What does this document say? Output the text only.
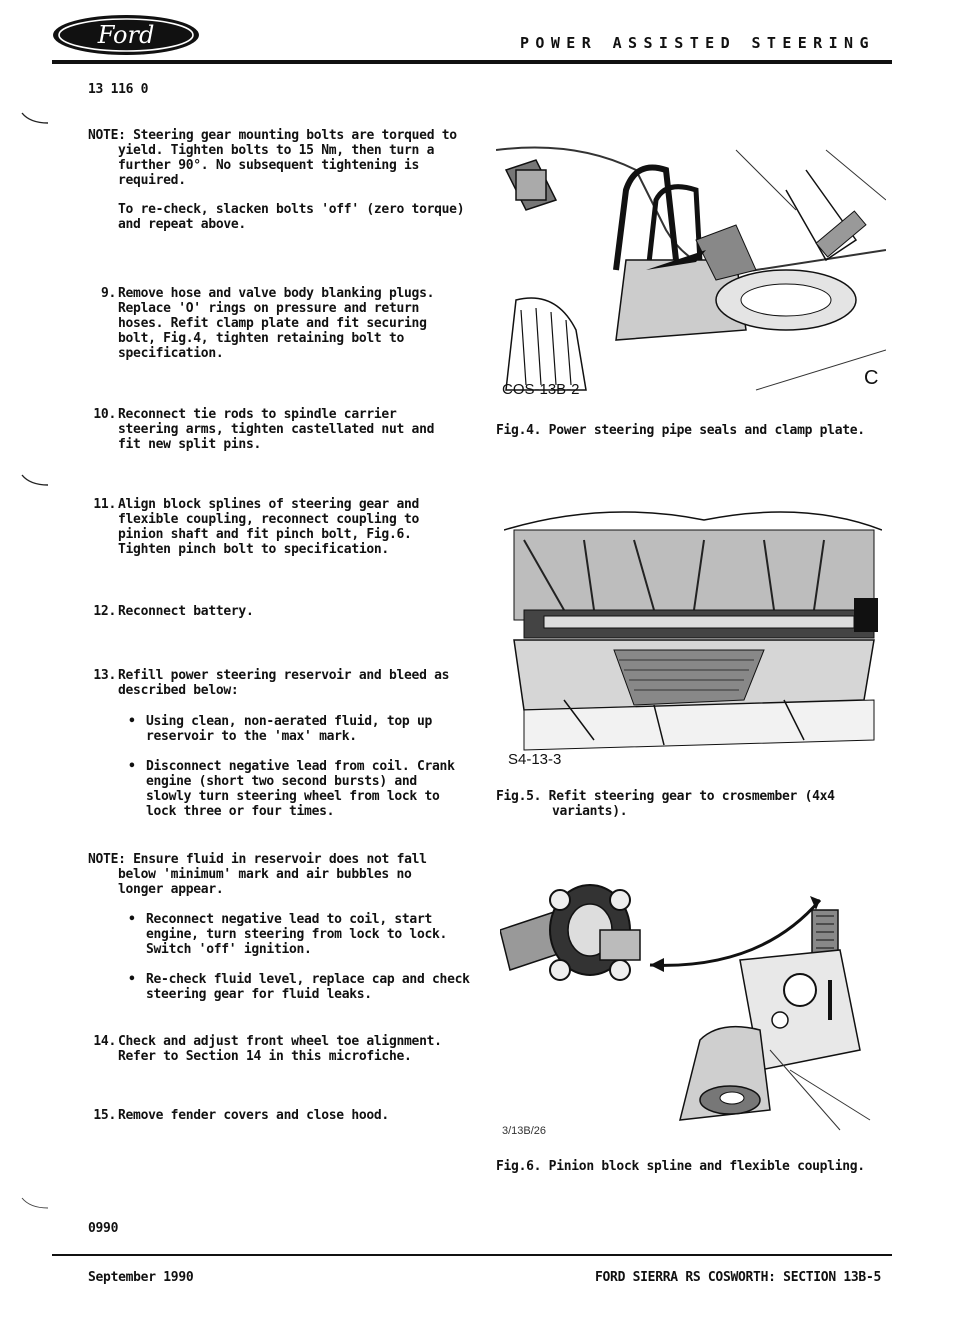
Ford	POWER ASSISTED STEERING
13 116 0
NOTE: Steering gear mounting bolts are torqued to
yield. Tighten bolts to 15 Nm, then turn a
further 90°. No subsequent tightening is
required.
To re-check, slacken bolts 'off' (zero torque)
and repeat above.
9. Remove hose and valve body blanking plugs.
Replace 'O' rings on pressure and return
hoses. Refit clamp plate and fit securing
bolt, Fig.4, tighten retaining bolt to
specification.
10. Reconnect tie rods to spindle carrier
steering arms, tighten castellated nut and
fit new split pins.
11. Align block splines of steering gear and
flexible coupling, reconnect coupling to
pinion shaft and fit pinch bolt, Fig.6.
Tighten pinch bolt to specification.
12. Reconnect battery.
13. Refill power steering reservoir and bleed as
described below:
• Using clean, non-aerated fluid, top up
reservoir to the 'max' mark.
• Disconnect negative lead from coil. Crank
engine (short two second bursts) and
slowly turn steering wheel from lock to
lock three or four times.
NOTE: Ensure fluid in reservoir does not fall
below 'minimum' mark and air bubbles no
longer appear.
• Reconnect negative lead to coil, start
engine, turn steering from lock to lock.
Switch 'off' ignition.
• Re-check fluid level, replace cap and check
steering gear for fluid leaks.
14. Check and adjust front wheel toe alignment.
Refer to Section 14 in this microfiche.
15. Remove fender covers and close hood.
COS-13B-2
C
Fig.4. Power steering pipe seals and clamp plate.
S4-13-3
Fig.5. Refit steering gear to crosmember (4x4
variants).
3/13B/26
Fig.6. Pinion block spline and flexible coupling.
0990
September 1990	FORD SIERRA RS COSWORTH: SECTION 13B-5
